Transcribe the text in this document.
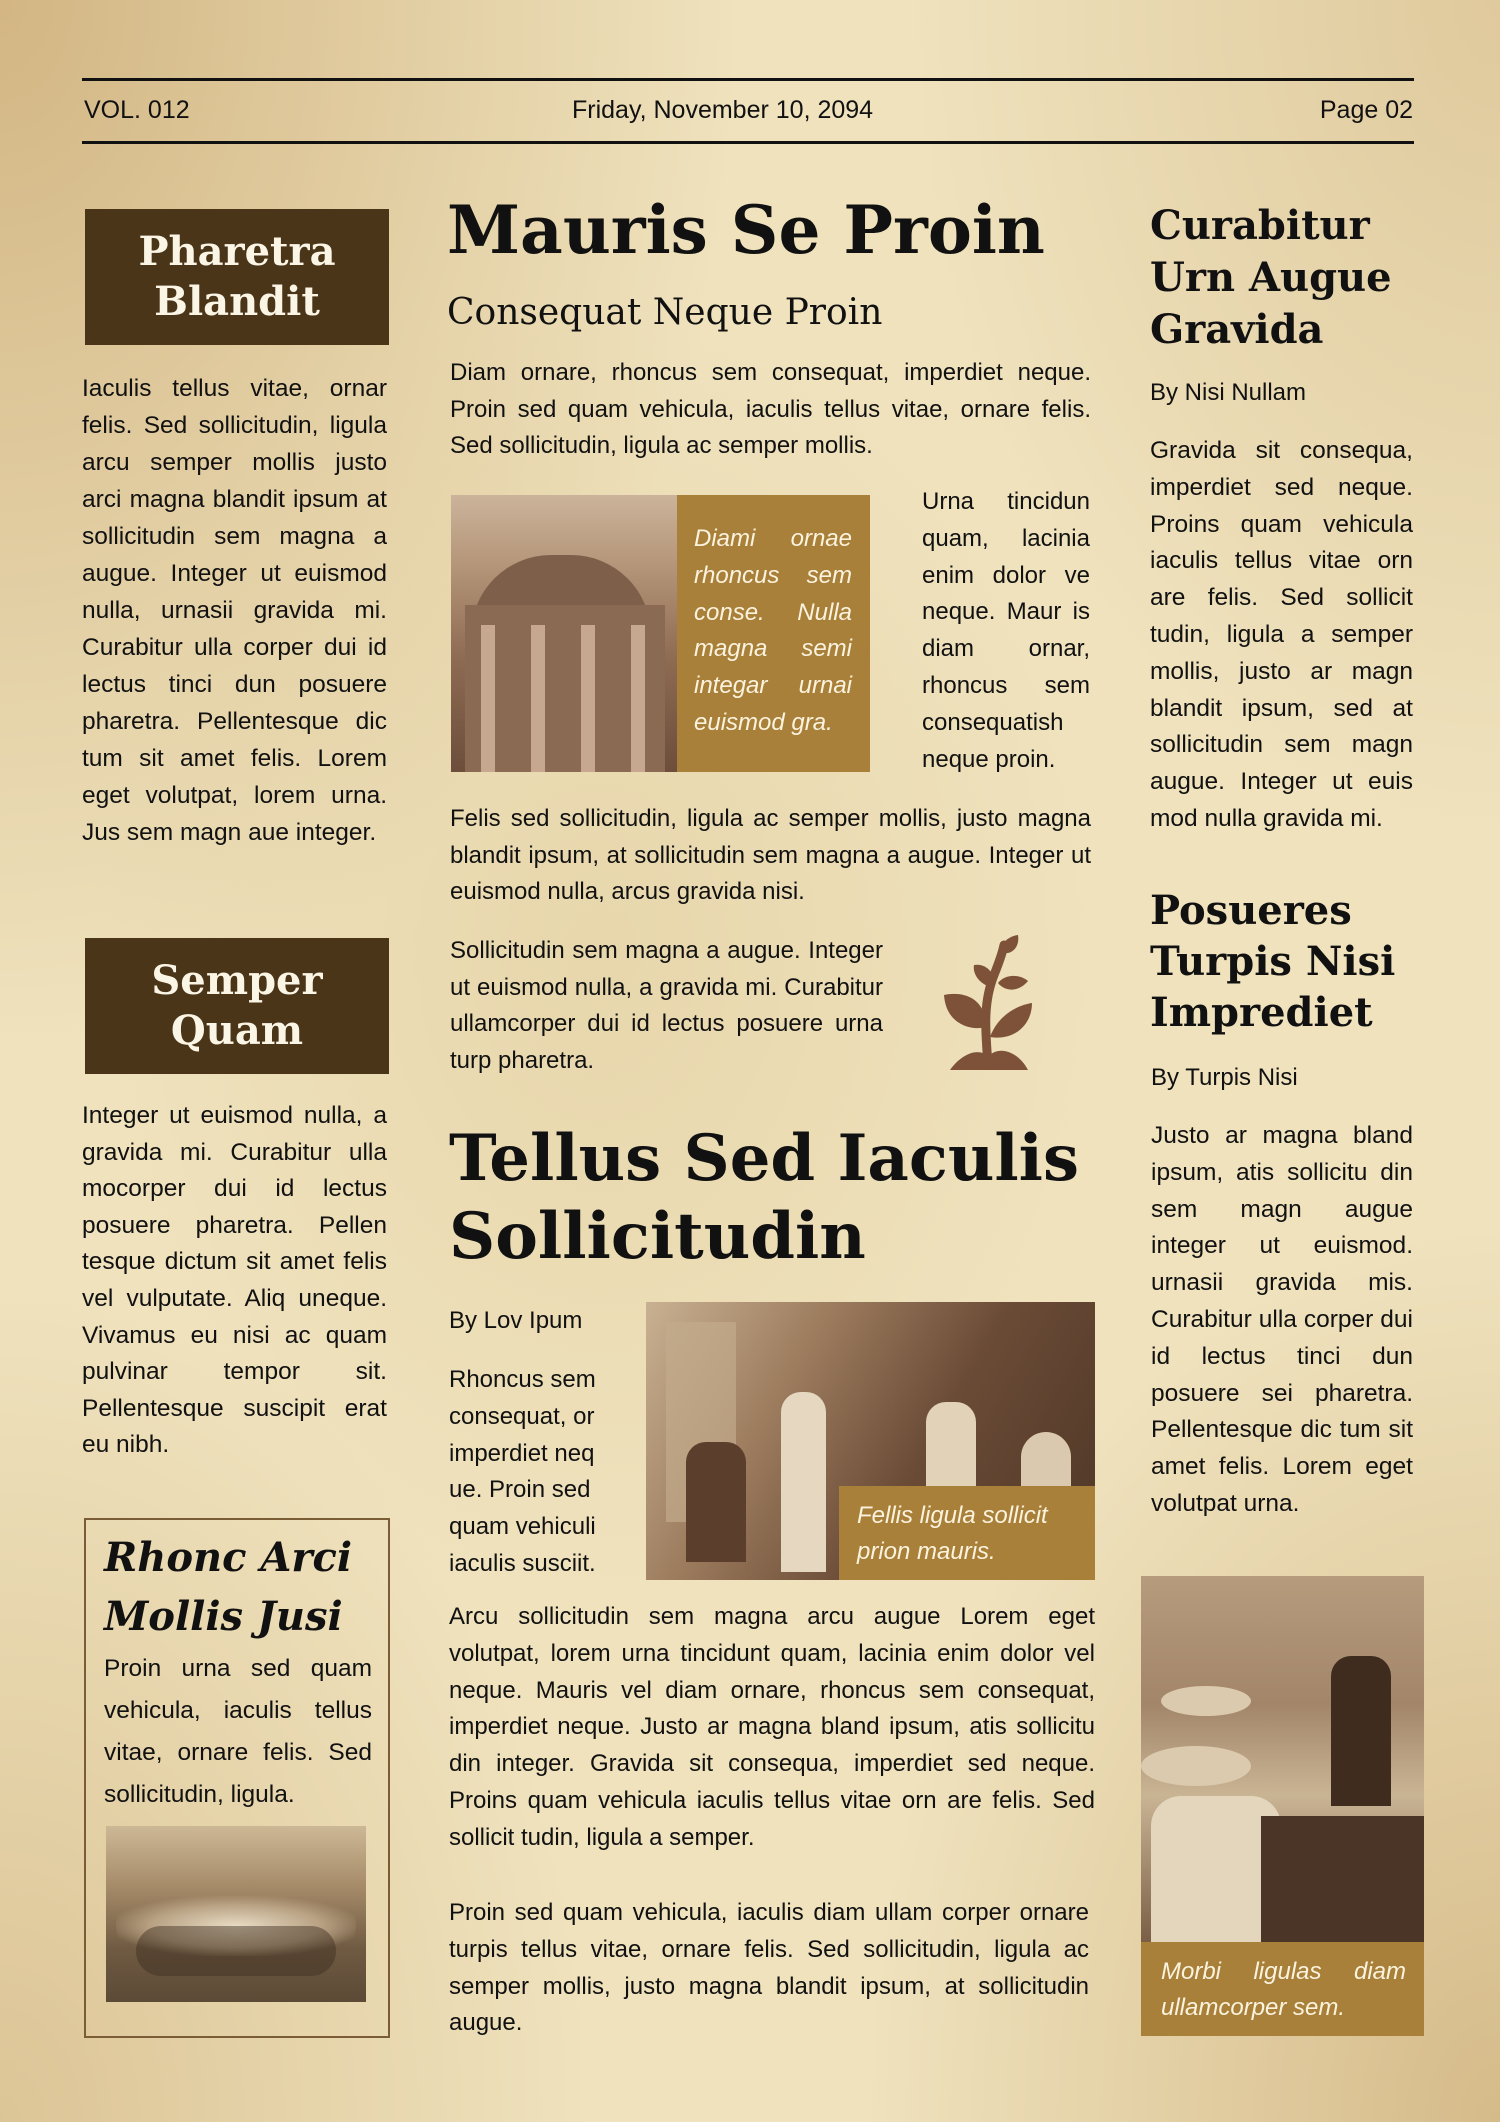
VOL. 012	Friday, November 10, 2094	Page 02
Pharetra
Blandit
Iaculis tellus vitae, ornar felis. Sed sollicitudin, ligula arcu semper mollis justo arci magna blandit ipsum at sollicitudin sem magna a augue. Integer ut euismod nulla, urnasii gravida mi. Curabitur ulla corper dui id lectus tinci dun posuere pharetra. Pellentesque dic tum sit amet felis. Lorem eget volutpat, lorem urna. Jus sem magn aue integer.
Semper
Quam
Integer ut euismod nulla, a gravida mi. Curabitur ulla mocorper dui id lectus posuere pharetra. Pellen tesque dictum sit amet felis vel vulputate. Aliq uneque. Vivamus eu nisi ac quam pulvinar tempor sit. Pellentesque suscipit erat eu nibh.
Rhonc Arci
Mollis Jusi
Proin urna sed quam vehicula, iaculis tellus vitae, ornare felis. Sed sollicitudin, ligula.
Mauris Se Proin
Consequat Neque Proin
Diam ornare, rhoncus sem consequat, imperdiet neque. Proin sed quam vehicula, iaculis tellus vitae, ornare felis. Sed sollicitudin, ligula ac semper mollis.
Diami ornae rhoncus sem conse. Nulla magna semi integar urnai euismod gra.
Urna tincidun quam, lacinia enim dolor ve neque. Maur is diam ornar, rhoncus sem consequatish neque proin.
Felis sed sollicitudin, ligula ac semper mollis, justo magna blandit ipsum, at sollicitudin sem magna a augue. Integer ut euismod nulla, arcus gravida nisi.
Sollicitudin sem magna a augue. Integer ut euismod nulla, a gravida mi. Curabitur ullamcorper dui id lectus posuere urna turp pharetra.
Tellus Sed Iaculis
Sollicitudin
By Lov Ipum
Rhoncus sem consequat, or imperdiet neq ue. Proin sed quam vehiculi iaculis susciit.
Fellis ligula sollicit prion mauris.
Arcu sollicitudin sem magna arcu augue Lorem eget volutpat, lorem urna tincidunt quam, lacinia enim dolor vel neque. Mauris vel diam ornare, rhoncus sem consequat, imperdiet neque. Justo ar magna bland ipsum, atis sollicitu din integer. Gravida sit consequa, imperdiet sed neque. Proins quam vehicula iaculis tellus vitae orn are felis. Sed sollicit tudin, ligula a semper.
Proin sed quam vehicula, iaculis diam ullam corper ornare turpis tellus vitae, ornare felis. Sed sollicitudin, ligula ac semper mollis, justo magna blandit ipsum, at sollicitudin augue.
Curabitur
Urn Augue
Gravida
By Nisi Nullam
Gravida sit consequa, imperdiet sed neque. Proins quam vehicula iaculis tellus vitae orn are felis. Sed sollicit tudin, ligula a semper mollis, justo ar magn blandit ipsum, sed at sollicitudin sem magn augue. Integer ut euis mod nulla gravida mi.
Posueres
Turpis Nisi
Imprediet
By Turpis Nisi
Justo ar magna bland ipsum, atis sollicitu din sem magn augue integer ut euismod. urnasii gravida mis. Curabitur ulla corper dui id lectus tinci dun posuere sei pharetra. Pellentesque dic tum sit amet felis. Lorem eget volutpat urna.
Morbi ligulas diam ullamcorper sem.
